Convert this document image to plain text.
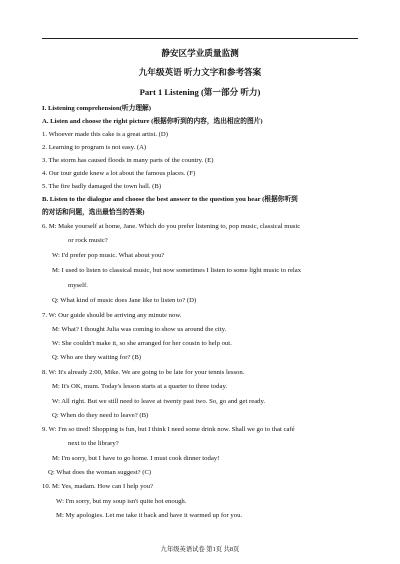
静安区学业质量监测
九年级英语 听力文字和参考答案
Part 1 Listening (第一部分 听力)
I. Listening comprehension(听力理解)
A. Listen and choose the right picture (根据你听到的内容，选出相应的图片)
1. Whoever made this cake is a great artist. (D)
2. Learning to program is not easy. (A)
3. The storm has caused floods in many parts of the country. (E)
4. Our tour guide knew a lot about the famous places. (F)
5. The fire badly damaged the town hall. (B)
B. Listen to the dialogue and choose the best answer to the question you hear (根据你听到
的对话和问题，选出最恰当的答案)
6. M: Make yourself at home, Jane. Which do you prefer listening to, pop music, classical music
or rock music?
W: I'd prefer pop music. What about you?
M: I used to listen to classical music, but now sometimes I listen to some light music to relax
myself.
Q: What kind of music does Jane like to listen to? (D)
7. W: Our guide should be arriving any minute now.
M: What? I thought Julia was coming to show us around the city.
W: She couldn't make it, so she arranged for her cousin to help out.
Q: Who are they waiting for? (B)
8. W: It's already 2:00, Mike. We are going to be late for your tennis lesson.
M: It's OK, mum. Today's lesson starts at a quarter to three today.
W: All right. But we still need to leave at twenty past two. So, go and get ready.
Q: When do they need to leave? (B)
9. W: I'm so tired! Shopping is fun, but I think I need some drink now. Shall we go to that café
next to the library?
M: I'm sorry, but I have to go home. I must cook dinner today!
Q: What does the woman suggest? (C)
10. M: Yes, madam. How can I help you?
W: I'm sorry, but my soup isn't quite hot enough.
M: My apologies. Let me take it back and have it warmed up for you.
九年级英语试卷 第1页 共8页
